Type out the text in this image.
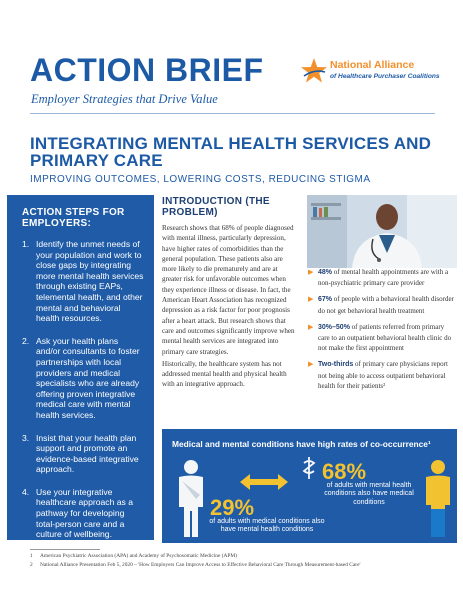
ACTION BRIEF
Employer Strategies that Drive Value
National Alliance
of Healthcare Purchaser Coalitions
INTEGRATING MENTAL HEALTH SERVICES AND PRIMARY CARE
IMPROVING OUTCOMES, LOWERING COSTS, REDUCING STIGMA
ACTION STEPS FOR EMPLOYERS:
1. Identify the unmet needs of your population and work to close gaps by integrating more mental health services through existing EAPs, telemental health, and other mental and behavioral health resources.
2. Ask your health plans and/or consultants to foster partnerships with local providers and medical specialists who are already offering proven integrative medical care with mental health services.
3. Insist that your health plan support and promote an evidence-based integrative approach.
4. Use your integrative healthcare approach as a pathway for developing total-person care and a culture of wellbeing.
INTRODUCTION (THE PROBLEM)

Research shows that 68% of people diagnosed with mental illness, particularly depression, have higher rates of comorbidities than the general population. These patients also are more likely to die prematurely and are at greater risk for unfavorable outcomes when they experience illness or disease. In fact, the American Heart Association has recognized depression as a risk factor for poor prognosis after a heart attack. But research shows that care and outcomes significantly improve when mental health services are integrated into primary care strategies.

Historically, the healthcare system has not addressed mental health and physical health with an integrative approach.

▶ 48% of mental health appointments are with a non-psychiatric primary care provider
▶ 67% of people with a behavioral health disorder do not get behavioral health treatment
▶ 30%–50% of patients referred from primary care to an outpatient behavioral health clinic do not make the first appointment
▶ Two-thirds of primary care physicians report not being able to access outpatient behavioral health for their patients²
Medical and mental conditions have high rates of co-occurrence¹
68%
of adults with mental health conditions also have medical conditions
29%
of adults with medical conditions also have mental health conditions
1 American Psychiatric Association (APA) and Academy of Psychosomatic Medicine (APM)
2 National Alliance Presentation Feb 5, 2020 – 'How Employers Can Improve Access to Effective Behavioral Care Through Measurement-based Care'
